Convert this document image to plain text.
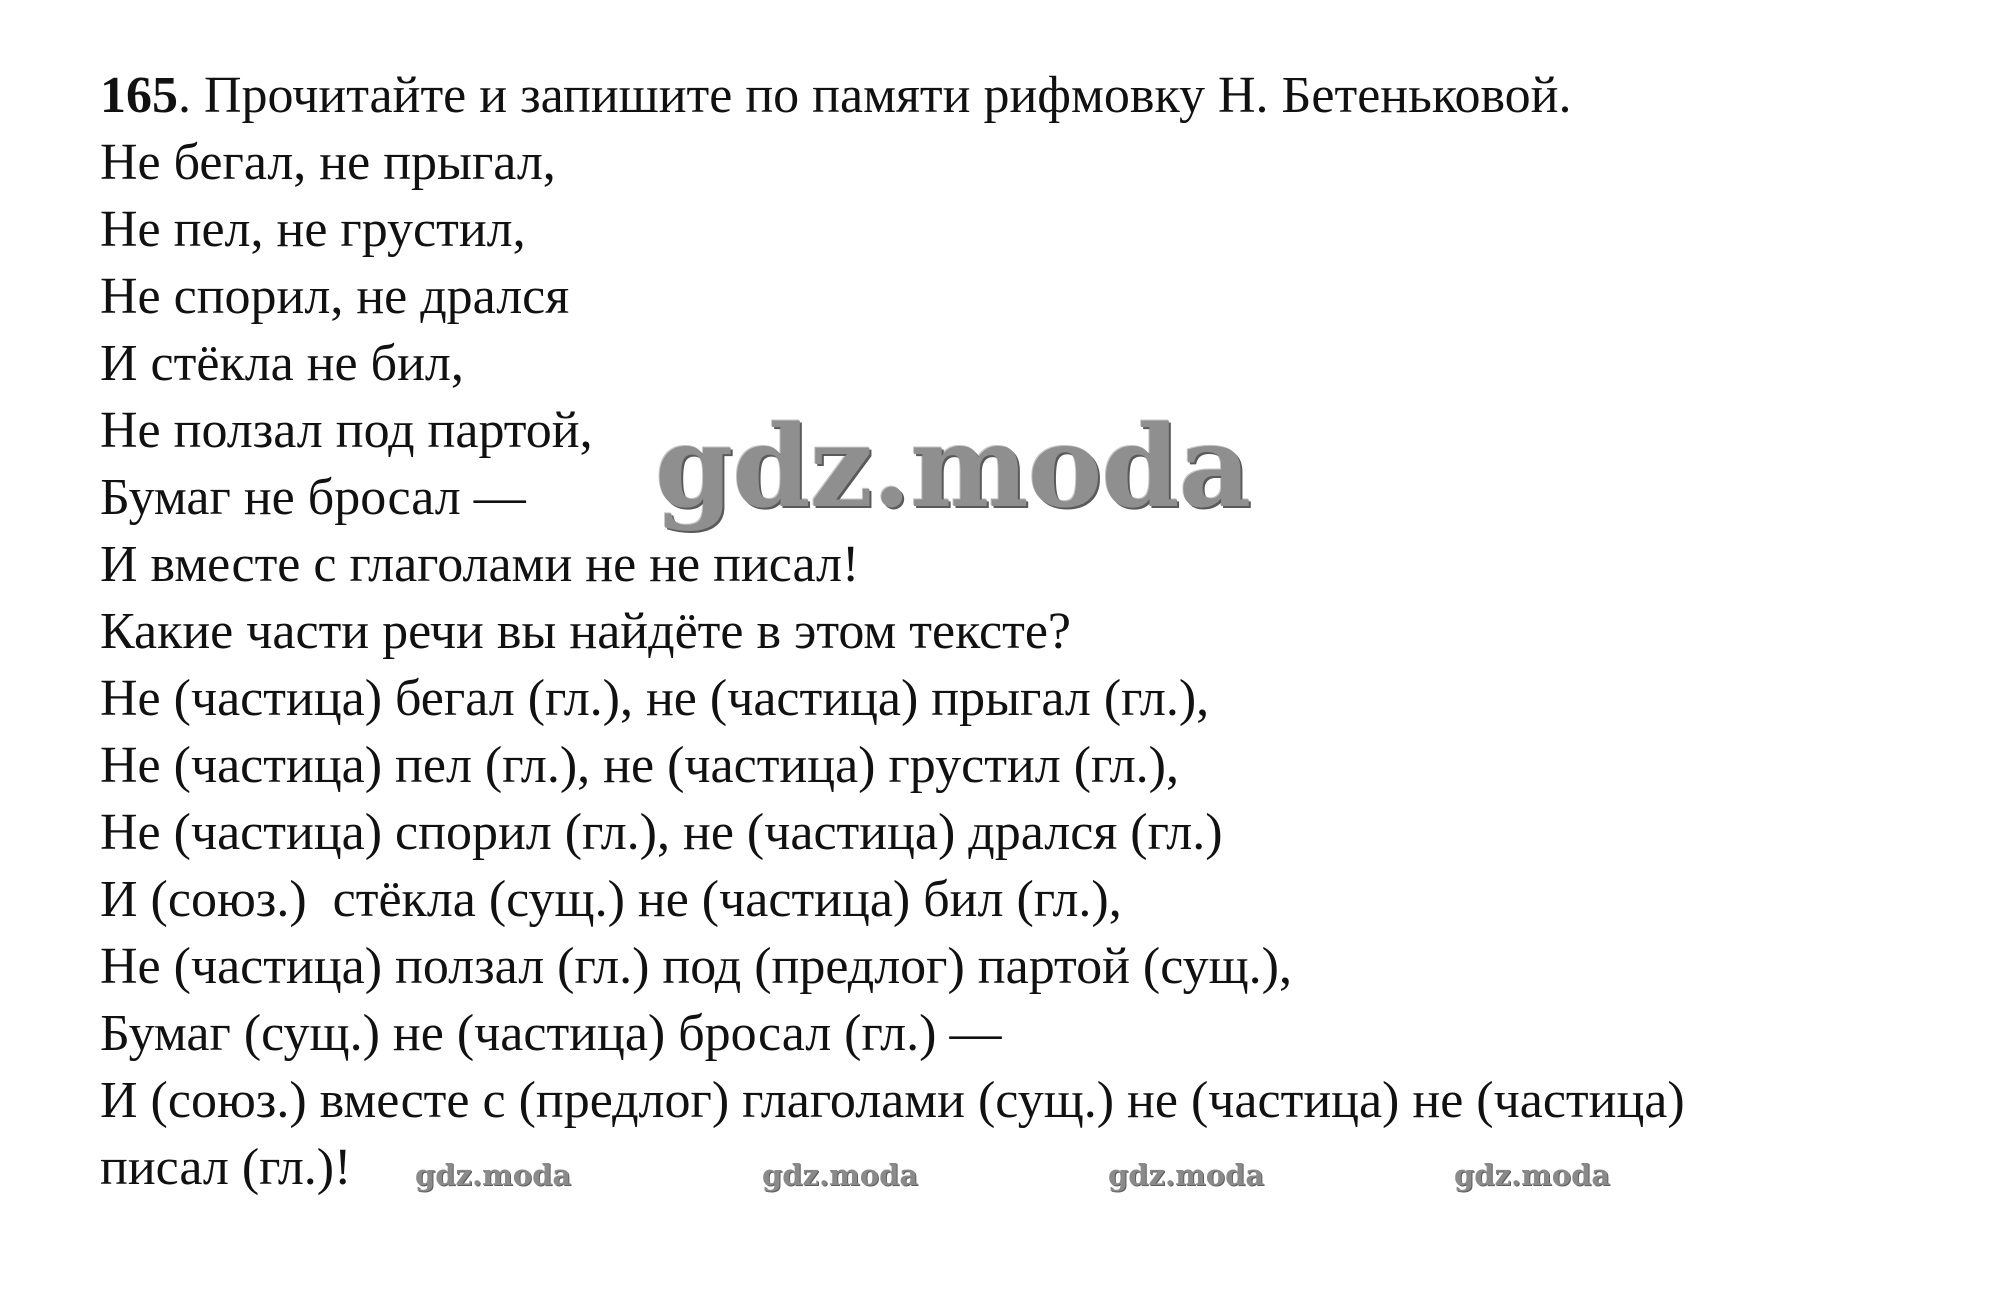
165. Прочитайте и запишите по памяти рифмовку Н. Бетеньковой.
Не бегал, не прыгал,
Не пел, не грустил,
Не спорил, не дрался
И стёкла не бил,
Не ползал под партой,
Бумаг не бросал —
И вместе с глаголами не не писал!
Какие части речи вы найдёте в этом тексте?
Не (частица) бегал (гл.), не (частица) прыгал (гл.),
Не (частица) пел (гл.), не (частица) грустил (гл.),
Не (частица) спорил (гл.), не (частица) дрался (гл.)
И (союз.)  стёкла (сущ.) не (частица) бил (гл.),
Не (частица) ползал (гл.) под (предлог) партой (сущ.),
Бумаг (сущ.) не (частица) бросал (гл.) —
И (союз.) вместе с (предлог) глаголами (сущ.) не (частица) не (частица)
писал (гл.)!
gdz.moda
gdz.moda	gdz.moda	gdz.moda	gdz.moda
